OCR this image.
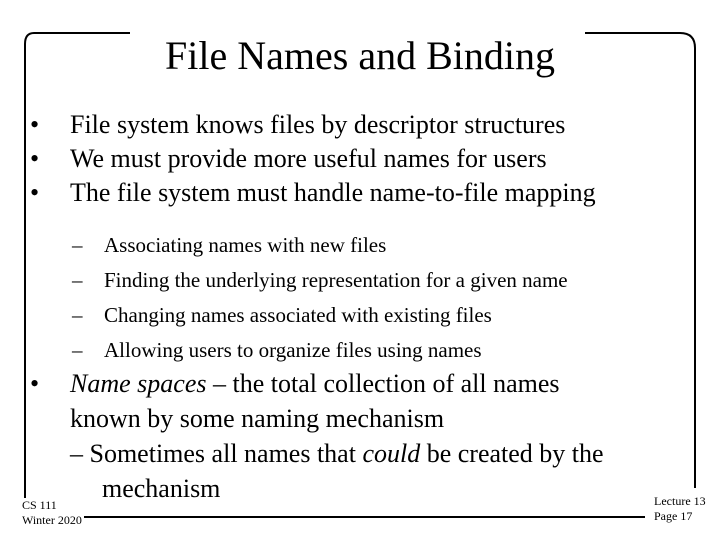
File Names and Binding
•	File system knows files by descriptor structures
•	We must provide more useful names for users
•	The file system must handle name-to-file mapping
– Associating names with new files
– Finding the underlying representation for a given name
– Changing names associated with existing files
– Allowing users to organize files using names
• Name spaces – the total collection of all names
known by some naming mechanism
– Sometimes all names that could be created by the
mechanism
CS 111
Winter 2020
Lecture 13
Page 17
